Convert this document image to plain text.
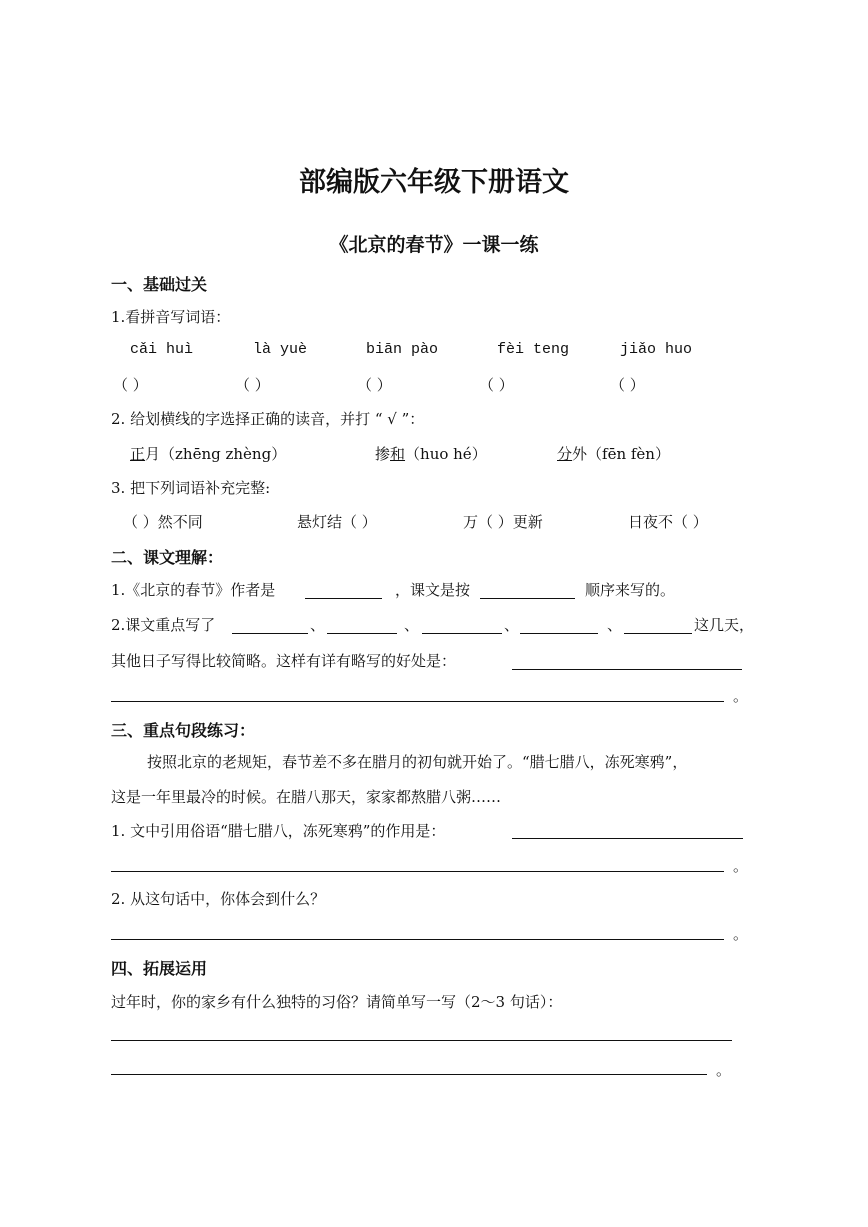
部编版六年级下册语文
《北京的春节》一课一练
一、基础过关
1.看拼音写词语：
cǎi huì	là yuè	biān pào	fèi teng	jiǎo huo
（ ）	（ ）	（ ）	（ ）	（ ）
2. 给划横线的字选择正确的读音，并打 “ √ ”：
正月（zhēng zhèng）	掺和（huo hé）	分外（fēn fèn）
3. 把下列词语补充完整:
（ ）然不同	悬灯结（ ）	万（ ）更新	日夜不（ ）
二、课文理解：
1.《北京的春节》作者是	，课文是按	顺序来写的。
2.课文重点写了	、	、	、	、	这几天，
其他日子写得比较简略。这样有详有略写的好处是：
。
三、重点句段练习：
按照北京的老规矩，春节差不多在腊月的初旬就开始了。“腊七腊八，冻死寒鸦”，
这是一年里最冷的时候。在腊八那天，家家都熬腊八粥……
1. 文中引用俗语“腊七腊八，冻死寒鸦”的作用是：
。
2. 从这句话中，你体会到什么？
。
四、拓展运用
过年时，你的家乡有什么独特的习俗？请简单写一写（2～3 句话）：
。
